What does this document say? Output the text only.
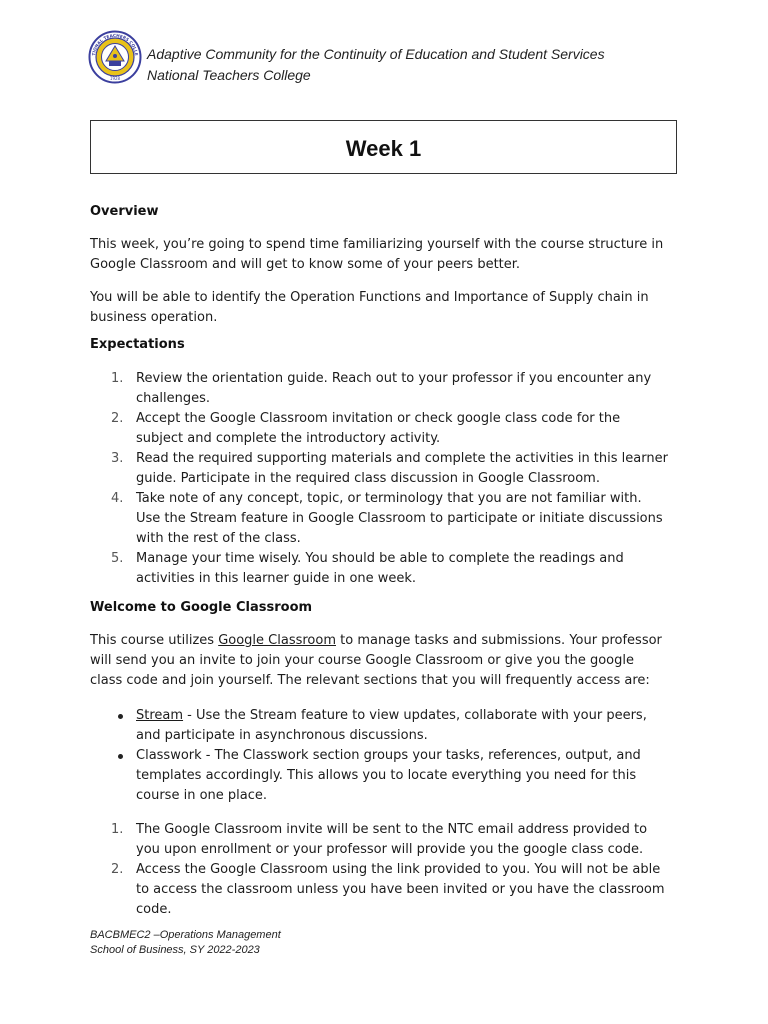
TIONAL TEACHERS COLLE
1928
Adaptive Community for the Continuity of Education and Student Services
National Teachers College
Week 1
Overview
This week, you’re going to spend time familiarizing yourself with the course structure in
Google Classroom and will get to know some of your peers better.
You will be able to identify the Operation Functions and Importance of Supply chain in
business operation.
Expectations
1. Review the orientation guide. Reach out to your professor if you encounter any
challenges.
2. Accept the Google Classroom invitation or check google class code for the
subject and complete the introductory activity.
3. Read the required supporting materials and complete the activities in this learner
guide. Participate in the required class discussion in Google Classroom.
4. Take note of any concept, topic, or terminology that you are not familiar with.
Use the Stream feature in Google Classroom to participate or initiate discussions
with the rest of the class.
5. Manage your time wisely. You should be able to complete the readings and
activities in this learner guide in one week.
Welcome to Google Classroom
This course utilizes Google Classroom to manage tasks and submissions. Your professor
will send you an invite to join your course Google Classroom or give you the google
class code and join yourself. The relevant sections that you will frequently access are:
Stream - Use the Stream feature to view updates, collaborate with your peers,
and participate in asynchronous discussions.
Classwork - The Classwork section groups your tasks, references, output, and
templates accordingly. This allows you to locate everything you need for this
course in one place.
1. The Google Classroom invite will be sent to the NTC email address provided to
you upon enrollment or your professor will provide you the google class code.
2. Access the Google Classroom using the link provided to you. You will not be able
to access the classroom unless you have been invited or you have the classroom
code.
BACBMEC2 –Operations Management
School of Business, SY 2022-2023
